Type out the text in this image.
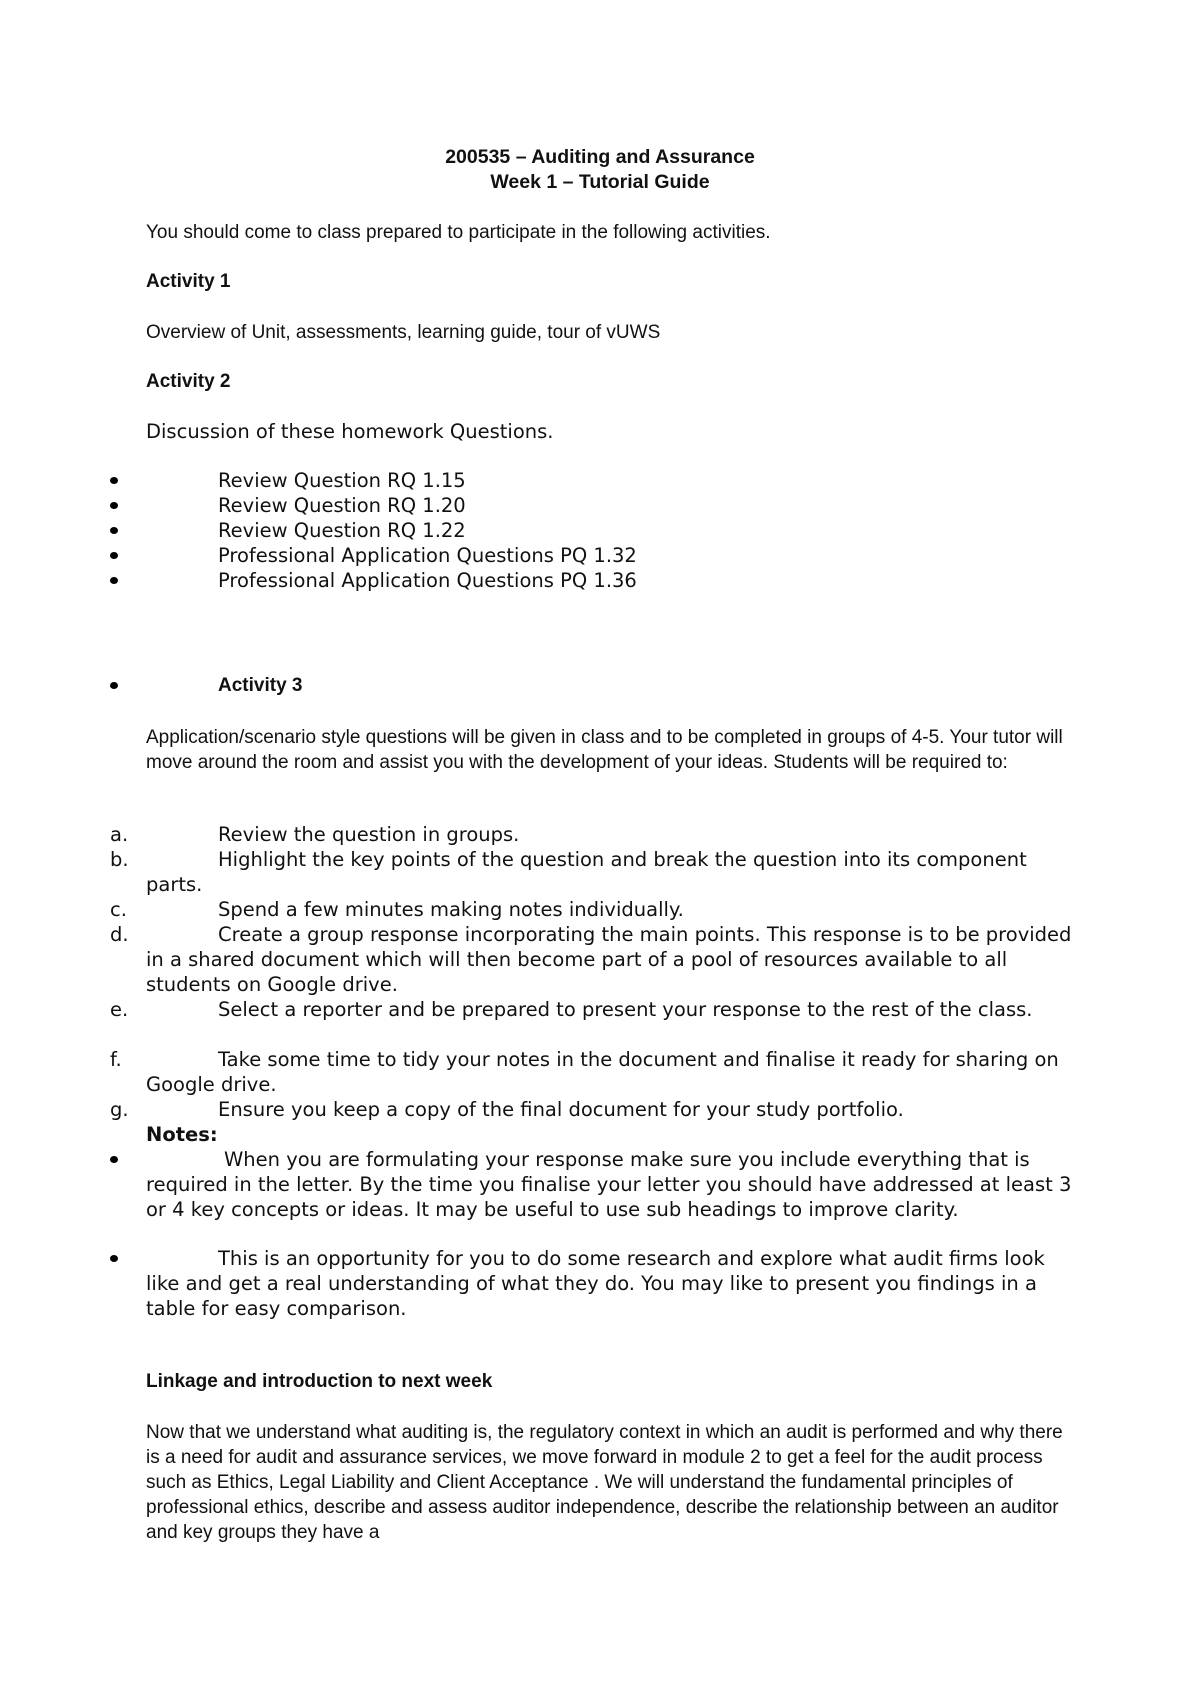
200535 – Auditing and Assurance
Week 1 – Tutorial Guide
You should come to class prepared to participate in the following activities.
Activity 1
Overview of Unit, assessments, learning guide, tour of vUWS
Activity 2
Discussion of these homework Questions.
Review Question RQ 1.15
Review Question RQ 1.20
Review Question RQ 1.22
Professional Application Questions PQ 1.32
Professional Application Questions PQ 1.36
Activity 3
Application/scenario style questions will be given in class and to be completed in groups of 4-5. Your tutor will move around the room and assist you with the development of your ideas. Students will be required to:
a.	Review the question in groups.
b.	Highlight the key points of the question and break the question into its component parts.
c.	Spend a few minutes making notes individually.
d.	Create a group response incorporating the main points. This response is to be provided in a shared document which will then become part of a pool of resources available to all students on Google drive.
e.	Select a reporter and be prepared to present your response to the rest of the class.
f.	Take some time to tidy your notes in the document and finalise it ready for sharing on Google drive.
g.	Ensure you keep a copy of the final document for your study portfolio.
Notes:
When you are formulating your response make sure you include everything that is required in the letter. By the time you finalise your letter you should have addressed at least 3 or 4 key concepts or ideas. It may be useful to use sub headings to improve clarity.
This is an opportunity for you to do some research and explore what audit firms look like and get a real understanding of what they do. You may like to present you findings in a table for easy comparison.
Linkage and introduction to next week
Now that we understand what auditing is, the regulatory context in which an audit is performed and why there is a need for audit and assurance services, we move forward in module 2 to get a feel for the audit process such as Ethics, Legal Liability and Client Acceptance . We will understand the fundamental principles of professional ethics, describe and assess auditor independence, describe the relationship between an auditor and key groups they have a
